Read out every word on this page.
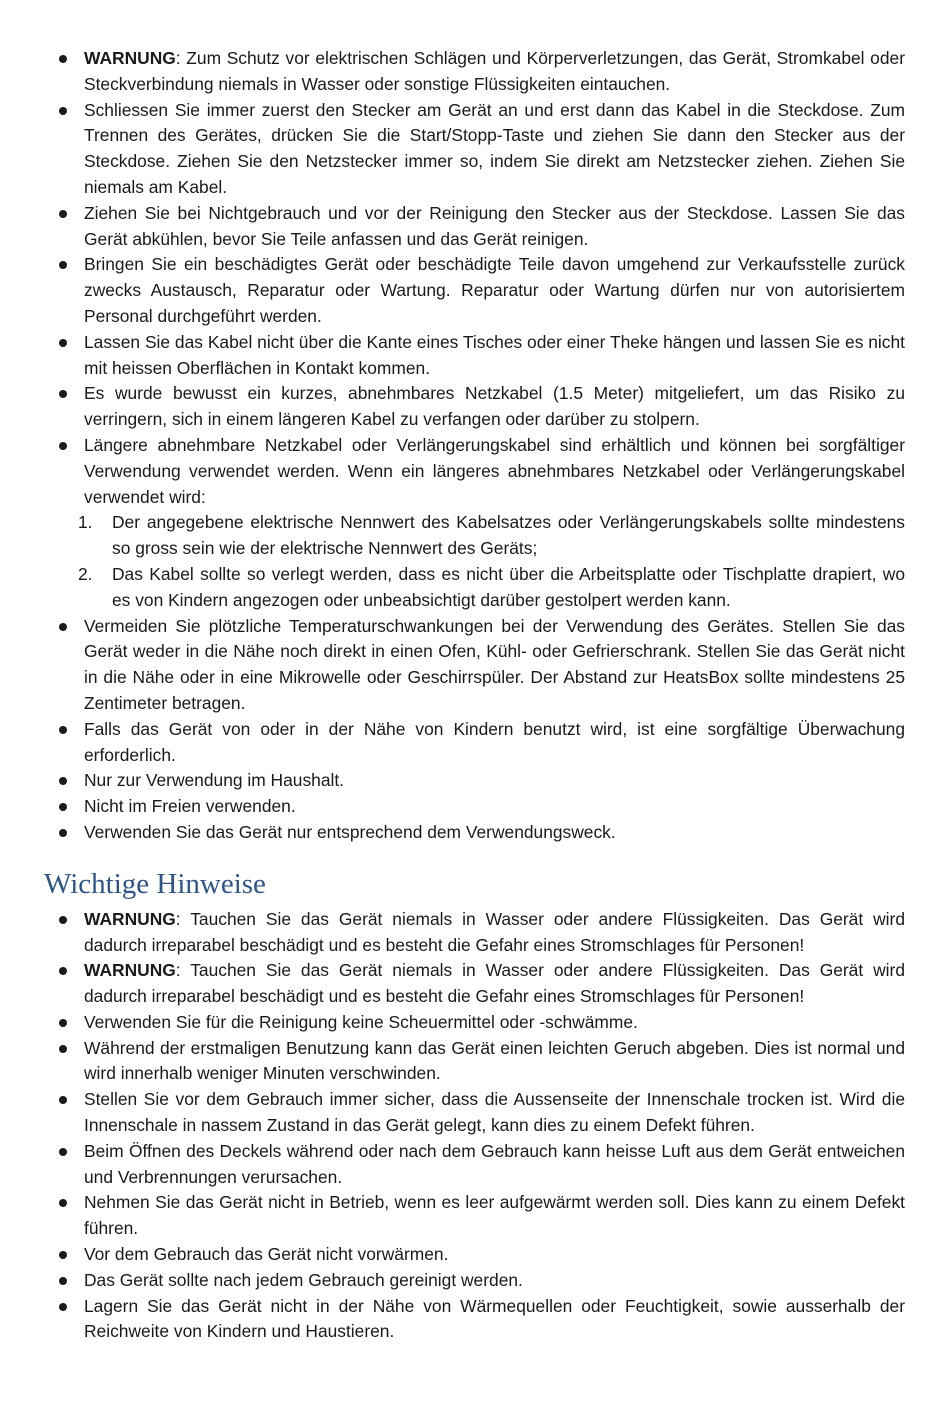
WARNUNG: Zum Schutz vor elektrischen Schlägen und Körperverletzungen, das Gerät, Stromkabel oder Steckverbindung niemals in Wasser oder sonstige Flüssigkeiten eintauchen.
Schliessen Sie immer zuerst den Stecker am Gerät an und erst dann das Kabel in die Steckdose. Zum Trennen des Gerätes, drücken Sie die Start/Stopp-Taste und ziehen Sie dann den Stecker aus der Steckdose. Ziehen Sie den Netzstecker immer so, indem Sie direkt am Netzstecker ziehen. Ziehen Sie niemals am Kabel.
Ziehen Sie bei Nichtgebrauch und vor der Reinigung den Stecker aus der Steckdose. Lassen Sie das Gerät abkühlen, bevor Sie Teile anfassen und das Gerät reinigen.
Bringen Sie ein beschädigtes Gerät oder beschädigte Teile davon umgehend zur Verkaufsstelle zurück zwecks Austausch, Reparatur oder Wartung. Reparatur oder Wartung dürfen nur von autorisiertem Personal durchgeführt werden.
Lassen Sie das Kabel nicht über die Kante eines Tisches oder einer Theke hängen und lassen Sie es nicht mit heissen Oberflächen in Kontakt kommen.
Es wurde bewusst ein kurzes, abnehmbares Netzkabel (1.5 Meter) mitgeliefert, um das Risiko zu verringern, sich in einem längeren Kabel zu verfangen oder darüber zu stolpern.
Längere abnehmbare Netzkabel oder Verlängerungskabel sind erhältlich und können bei sorgfältiger Verwendung verwendet werden. Wenn ein längeres abnehmbares Netzkabel oder Verlängerungskabel verwendet wird:
1. Der angegebene elektrische Nennwert des Kabelsatzes oder Verlängerungskabels sollte mindestens so gross sein wie der elektrische Nennwert des Geräts;
2. Das Kabel sollte so verlegt werden, dass es nicht über die Arbeitsplatte oder Tischplatte drapiert, wo es von Kindern angezogen oder unbeabsichtigt darüber gestolpert werden kann.
Vermeiden Sie plötzliche Temperaturschwankungen bei der Verwendung des Gerätes. Stellen Sie das Gerät weder in die Nähe noch direkt in einen Ofen, Kühl- oder Gefrierschrank. Stellen Sie das Gerät nicht in die Nähe oder in eine Mikrowelle oder Geschirrspüler. Der Abstand zur HeatsBox sollte mindestens 25 Zentimeter betragen.
Falls das Gerät von oder in der Nähe von Kindern benutzt wird, ist eine sorgfältige Überwachung erforderlich.
Nur zur Verwendung im Haushalt.
Nicht im Freien verwenden.
Verwenden Sie das Gerät nur entsprechend dem Verwendungsweck.
Wichtige Hinweise
WARNUNG: Tauchen Sie das Gerät niemals in Wasser oder andere Flüssigkeiten. Das Gerät wird dadurch irreparabel beschädigt und es besteht die Gefahr eines Stromschlages für Personen!
WARNUNG: Tauchen Sie das Gerät niemals in Wasser oder andere Flüssigkeiten. Das Gerät wird dadurch irreparabel beschädigt und es besteht die Gefahr eines Stromschlages für Personen!
Verwenden Sie für die Reinigung keine Scheuermittel oder -schwämme.
Während der erstmaligen Benutzung kann das Gerät einen leichten Geruch abgeben. Dies ist normal und wird innerhalb weniger Minuten verschwinden.
Stellen Sie vor dem Gebrauch immer sicher, dass die Aussenseite der Innenschale trocken ist. Wird die Innenschale in nassem Zustand in das Gerät gelegt, kann dies zu einem Defekt führen.
Beim Öffnen des Deckels während oder nach dem Gebrauch kann heisse Luft aus dem Gerät entweichen und Verbrennungen verursachen.
Nehmen Sie das Gerät nicht in Betrieb, wenn es leer aufgewärmt werden soll. Dies kann zu einem Defekt führen.
Vor dem Gebrauch das Gerät nicht vorwärmen.
Das Gerät sollte nach jedem Gebrauch gereinigt werden.
Lagern Sie das Gerät nicht in der Nähe von Wärmequellen oder Feuchtigkeit, sowie ausserhalb der Reichweite von Kindern und Haustieren.
